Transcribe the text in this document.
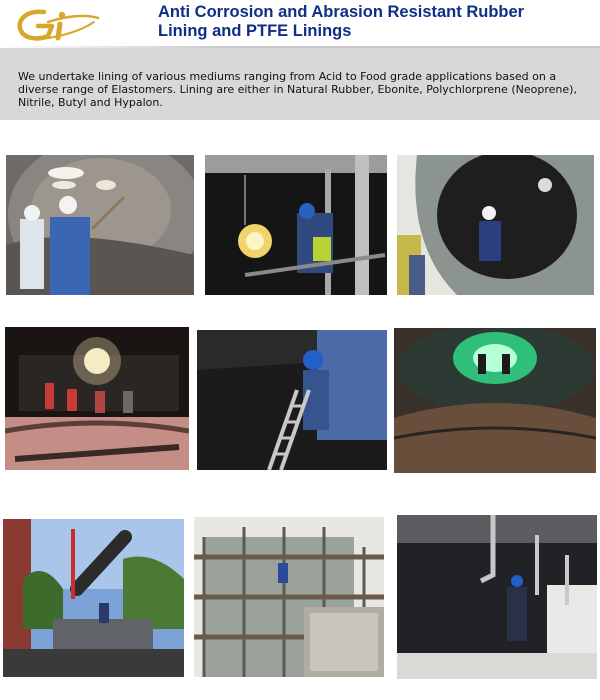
Anti Corrosion and Abrasion Resistant Rubber
Lining and PTFE Linings

We undertake lining of various mediums ranging from Acid to Food grade applications based on a diverse range of Elastomers. Lining are either in Natural Rubber, Ebonite, Polychlorprene (Neoprene), Nitrile, Butyl and Hypalon.
